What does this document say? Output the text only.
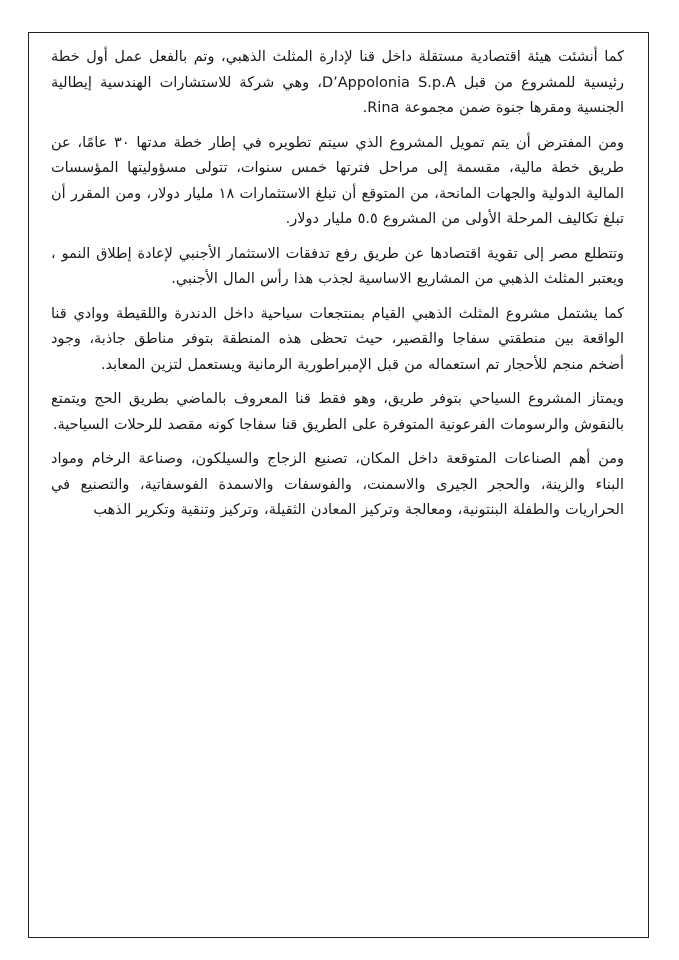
كما أنشئت هيئة اقتصادية مستقلة داخل قنا لإدارة المثلث الذهبي، وتم بالفعل عمل أول خطة رئيسية للمشروع من قبل D’Appolonia S.p.A، وهي شركة للاستشارات الهندسية إيطالية الجنسية ومقرها جنوة ضمن مجموعة Rina.

ومن المفترض أن يتم تمويل المشروع الذي سيتم تطويره في إطار خطة مدتها ٣٠ عامًا، عن طريق خطة مالية، مقسمة إلى مراحل فترتها خمس سنوات، تتولى مسؤوليتها المؤسسات المالية الدولية والجهات المانحة، من المتوقع أن تبلغ الاستثمارات ١٨ مليار دولار، ومن المقرر أن تبلغ تكاليف المرحلة الأولى من المشروع ٥.٥ مليار دولار.

وتتطلع مصر إلى تقوية اقتصادها عن طريق رفع تدفقات الاستثمار الأجنبي لإعادة إطلاق النمو ، ويعتبر المثلث الذهبي من المشاريع الاساسية لجذب هذا رأس المال الأجنبي.

كما يشتمل مشروع المثلث الذهبي القيام بمنتجعات سياحية داخل الدندرة واللقيطة ووادي قنا الواقعة بين منطقتي سفاجا والقصير، حيث تحظى هذه المنطقة بتوفر مناطق جاذبة، وجود أضخم منجم للأحجار تم استعماله من قبل الإمبراطورية الرمانية ويستعمل لتزين المعابد.

ويمتاز المشروع السياحي بتوفر طريق، وهو فقط قنا المعروف بالماضي بطريق الحج ويتمتع بالنقوش والرسومات الفرعونية المتوفرة على الطريق قنا سفاجا كونه مقصد للرحلات السياحية.

ومن أهم الصناعات المتوقعة داخل المكان، تصنيع الزجاج والسيلكون، وصناعة الرخام ومواد البناء والزينة، والحجر الجيرى والاسمنت، والفوسفات والاسمدة الفوسفاتية، والتصنيع في الحراريات والطفلة البنتونية، ومعالجة وتركيز المعادن الثقيلة، وتركيز وتنقية وتكرير الذهب
